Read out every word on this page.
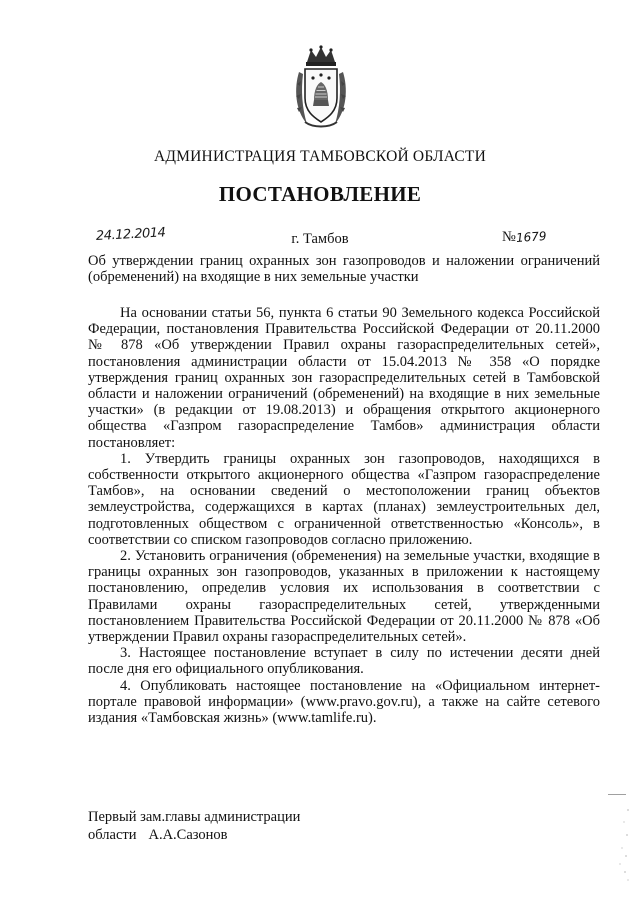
АДМИНИСТРАЦИЯ ТАМБОВСКОЙ ОБЛАСТИ
ПОСТАНОВЛЕНИЕ
24.12.2014	г. Тамбов	№1679
Об утверждении границ охранных зон газопроводов и наложении ограничений (обременений) на входящие в них земельные участки

На основании статьи 56, пункта 6 статьи 90 Земельного кодекса Российской Федерации, постановления Правительства Российской Федерации от 20.11.2000 № 878 «Об утверждении Правил охраны газораспределительных сетей», постановления администрации области от 15.04.2013 № 358 «О порядке утверждения границ охранных зон газораспределительных сетей в Тамбовской области и наложении ограничений (обременений) на входящие в них земельные участки» (в редакции от 19.08.2013) и обращения открытого акционерного общества «Газпром газораспределение Тамбов» администрация области постановляет:

1. Утвердить границы охранных зон газопроводов, находящихся в собственности открытого акционерного общества «Газпром газораспределение Тамбов», на основании сведений о местоположении границ объектов землеустройства, содержащихся в картах (планах) землеустроительных дел, подготовленных обществом с ограниченной ответственностью «Консоль», в соответствии со списком газопроводов согласно приложению.

2. Установить ограничения (обременения) на земельные участки, входящие в границы охранных зон газопроводов, указанных в приложении к настоящему постановлению, определив условия их использования в соответствии с Правилами охраны газораспределительных сетей, утвержденными постановлением Правительства Российской Федерации от 20.11.2000 № 878 «Об утверждении Правил охраны газораспределительных сетей».

3. Настоящее постановление вступает в силу по истечении десяти дней после дня его официального опубликования.

4. Опубликовать настоящее постановление на «Официальном интернет-портале правовой информации» (www.pravo.gov.ru), а также на сайте сетевого издания «Тамбовская жизнь» (www.tamlife.ru).

Первый зам.главы администрации
области А.А.Сазонов
